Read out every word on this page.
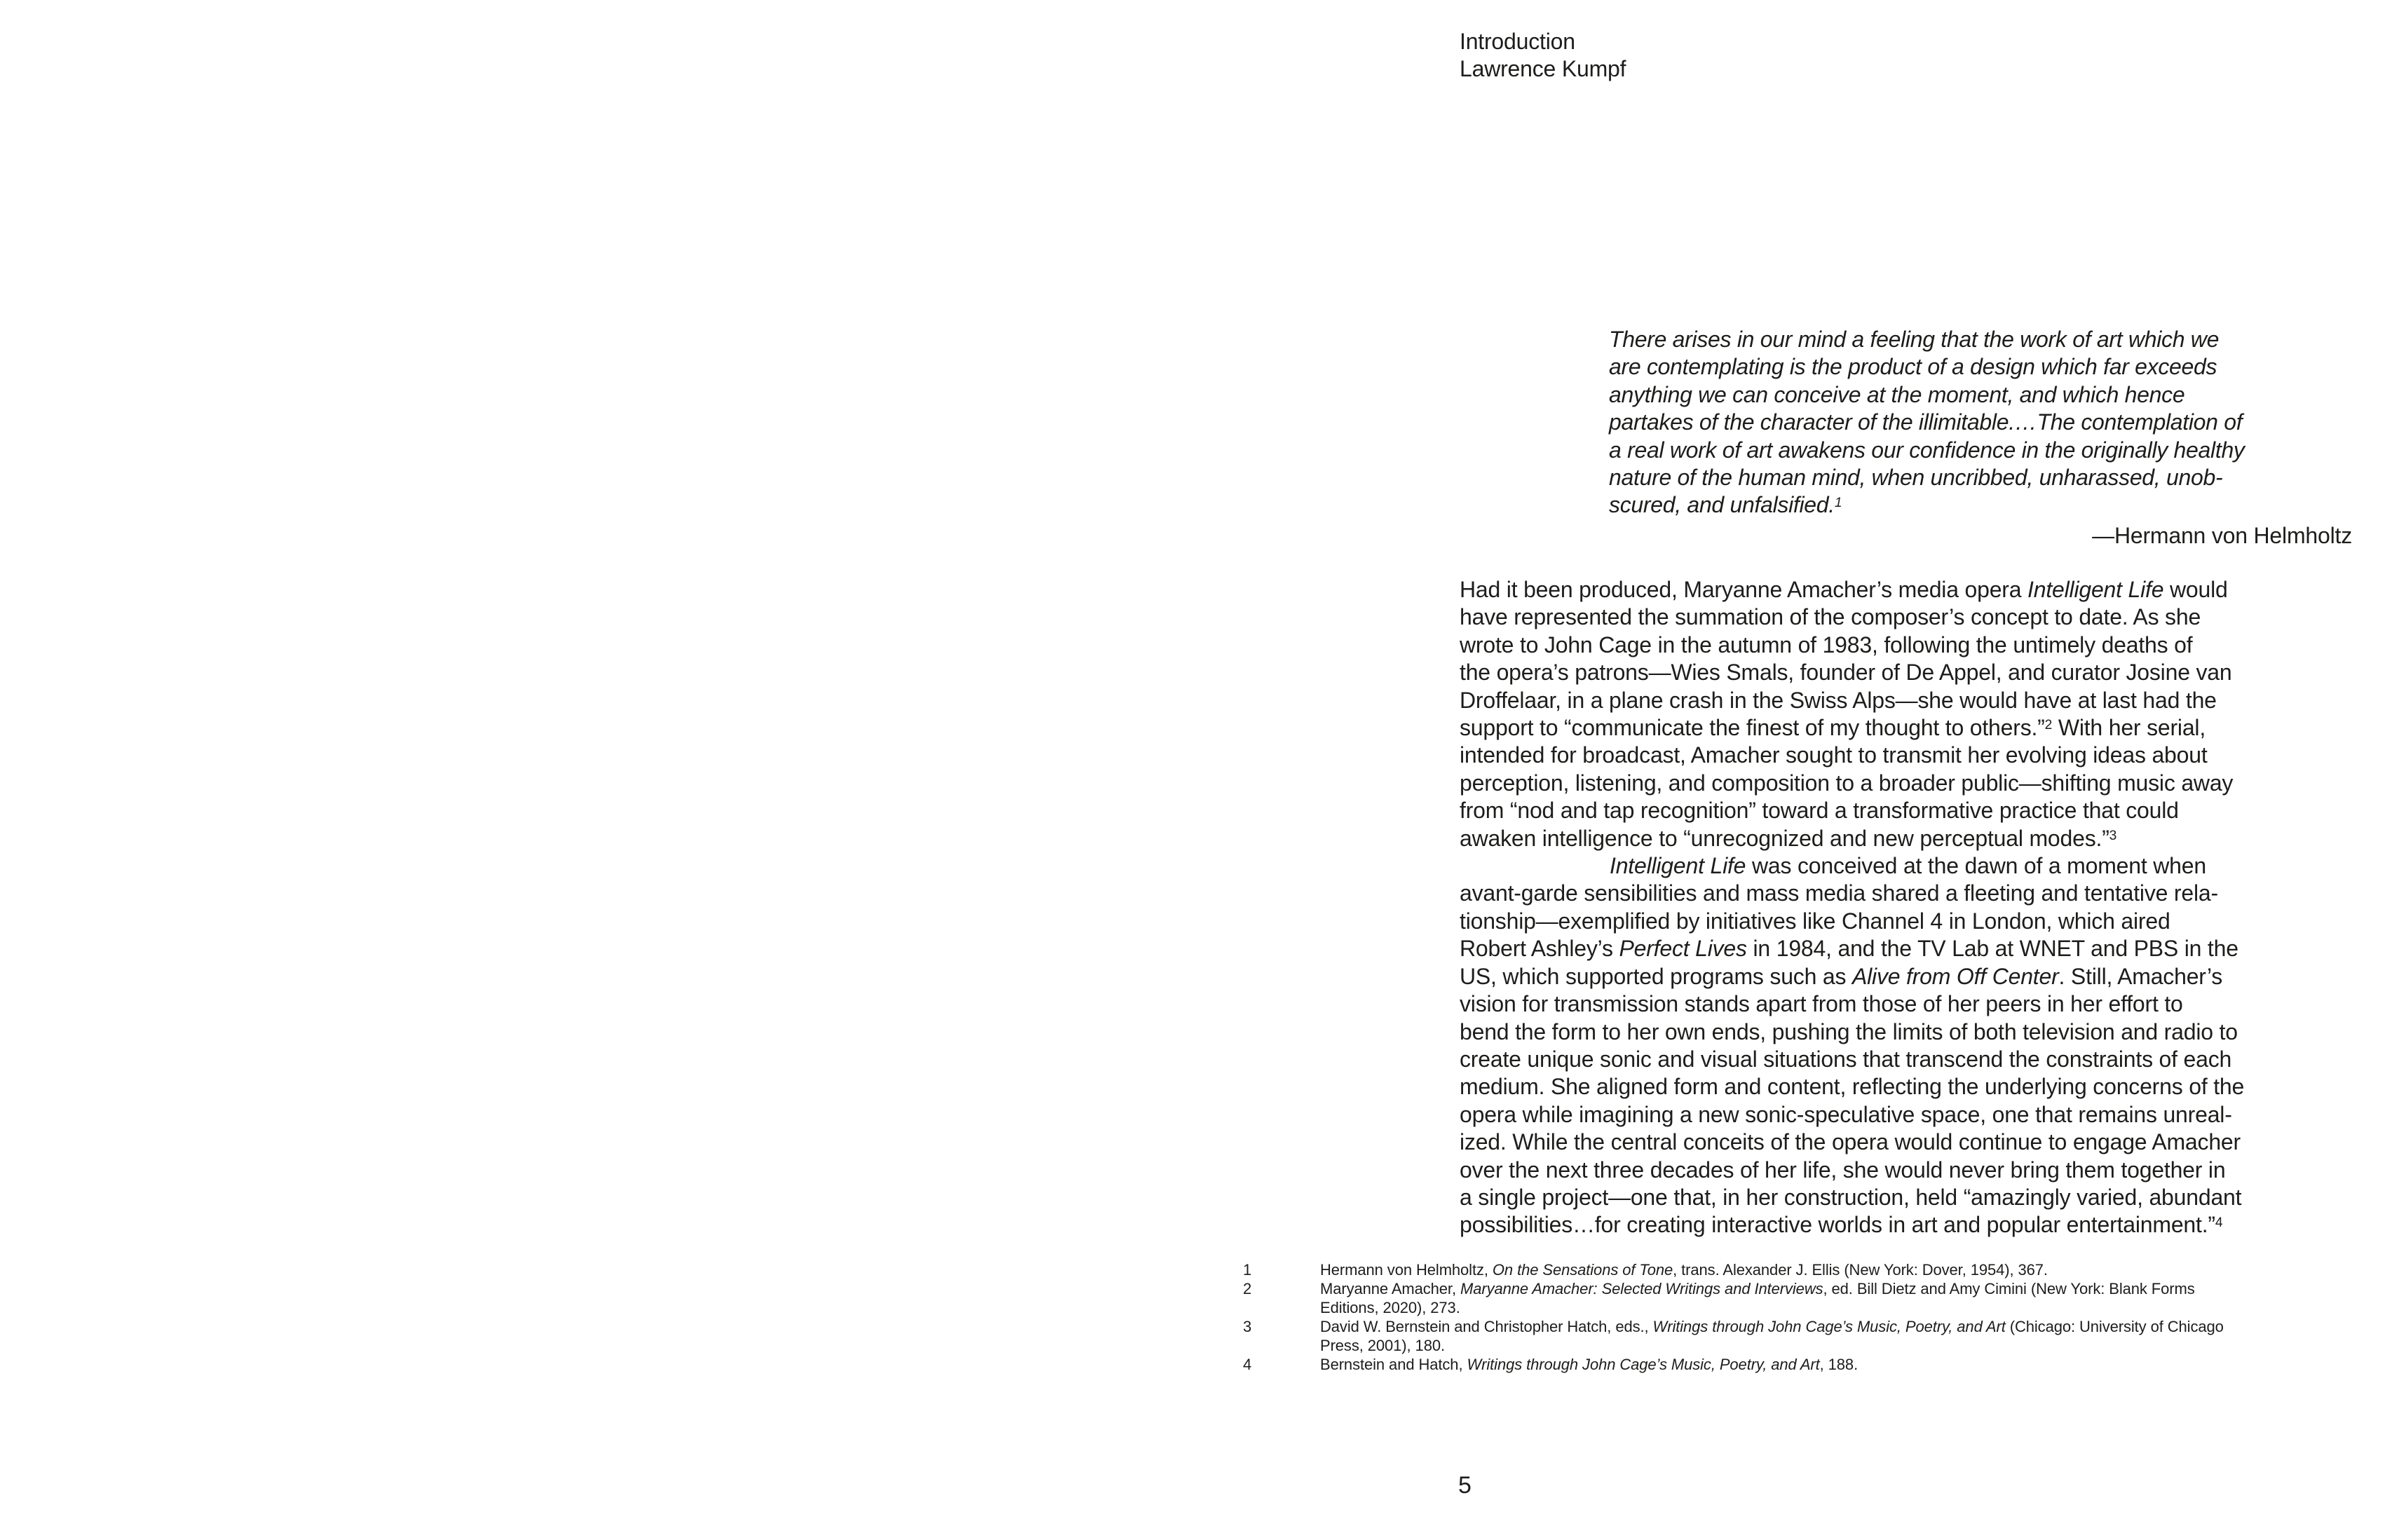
Introduction
Lawrence Kumpf
There arises in our mind a feeling that the work of art which we
are contemplating is the product of a design which far exceeds
anything we can conceive at the moment, and which hence
partakes of the character of the illimitable.…The contemplation of
a real work of art awakens our confidence in the originally healthy
nature of the human mind, when uncribbed, unharassed, unob-
scured, and unfalsified.$^1$
—Hermann von Helmholtz
Had it been produced, Maryanne Amacher’s media opera Intelligent Life would
have represented the summation of the composer’s concept to date. As she
wrote to John Cage in the autumn of 1983, following the untimely deaths of
the opera’s patrons—Wies Smals, founder of De Appel, and curator Josine van
Droffelaar, in a plane crash in the Swiss Alps—she would have at last had the
support to “communicate the finest of my thought to others.”$^2$ With her serial,
intended for broadcast, Amacher sought to transmit her evolving ideas about
perception, listening, and composition to a broader public—shifting music away
from “nod and tap recognition” toward a transformative practice that could
awaken intelligence to “unrecognized and new perceptual modes.”$^3$
Intelligent Life was conceived at the dawn of a moment when
avant-garde sensibilities and mass media shared a fleeting and tentative rela-
tionship—exemplified by initiatives like Channel 4 in London, which aired
Robert Ashley’s Perfect Lives in 1984, and the TV Lab at WNET and PBS in the
US, which supported programs such as Alive from Off Center. Still, Amacher’s
vision for transmission stands apart from those of her peers in her effort to
bend the form to her own ends, pushing the limits of both television and radio to
create unique sonic and visual situations that transcend the constraints of each
medium. She aligned form and content, reflecting the underlying concerns of the
opera while imagining a new sonic-speculative space, one that remains unreal-
ized. While the central conceits of the opera would continue to engage Amacher
over the next three decades of her life, she would never bring them together in
a single project—one that, in her construction, held “amazingly varied, abundant
possibilities…for creating interactive worlds in art and popular entertainment.”$^4$
1	Hermann von Helmholtz, On the Sensations of Tone, trans. Alexander J. Ellis (New York: Dover, 1954), 367.
2	Maryanne Amacher, Maryanne Amacher: Selected Writings and Interviews, ed. Bill Dietz and Amy Cimini (New York: Blank Forms
Editions, 2020), 273.
3	David W. Bernstein and Christopher Hatch, eds., Writings through John Cage’s Music, Poetry, and Art (Chicago: University of Chicago
Press, 2001), 180.
4	Bernstein and Hatch, Writings through John Cage’s Music, Poetry, and Art, 188.
5
